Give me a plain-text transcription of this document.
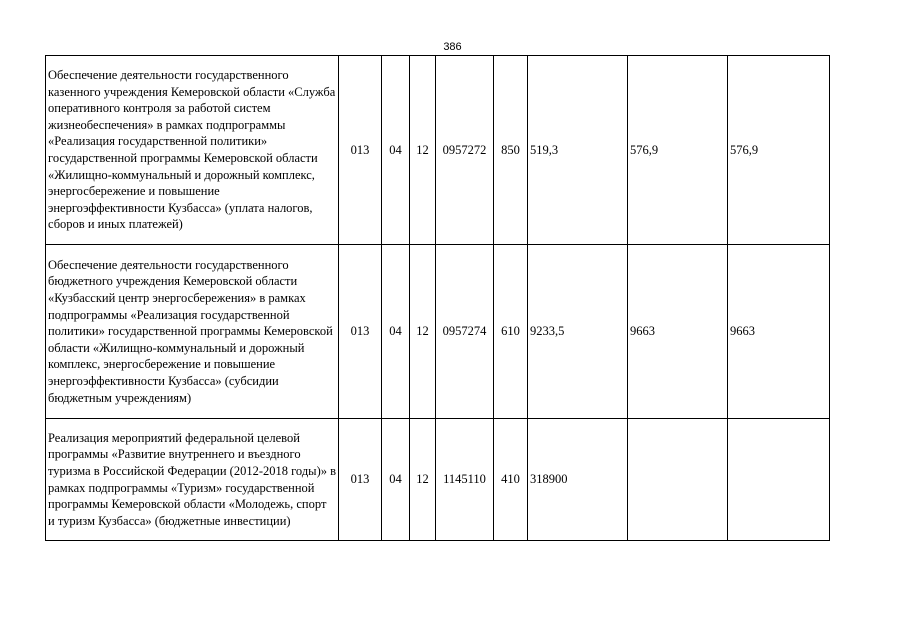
386
Обеспечение деятельности государственного казенного учреждения Кемеровской области «Служба оперативного контроля за работой систем жизнеобеспечения» в рамках подпрограммы «Реализация государственной политики» государственной программы Кемеровской области «Жилищно-коммунальный и дорожный комплекс, энергосбережение и повышение энергоэффективности Кузбасса» (уплата налогов, сборов и иных платежей)	013	04	12	0957272	850	519,3	576,9	576,9
Обеспечение деятельности государственного бюджетного учреждения Кемеровской области «Кузбасский центр энергосбережения» в рамках подпрограммы «Реализация государственной политики» государственной программы Кемеровской области «Жилищно-коммунальный и дорожный комплекс, энергосбережение и повышение энергоэффективности Кузбасса» (субсидии бюджетным учреждениям)	013	04	12	0957274	610	9233,5	9663	9663
Реализация мероприятий федеральной целевой программы «Развитие внутреннего и въездного туризма в Российской Федерации (2012-2018 годы)» в рамках подпрограммы «Туризм» государственной программы Кемеровской области «Молодежь, спорт и туризм Кузбасса» (бюджетные инвестиции)	013	04	12	1145110	410	318900		
